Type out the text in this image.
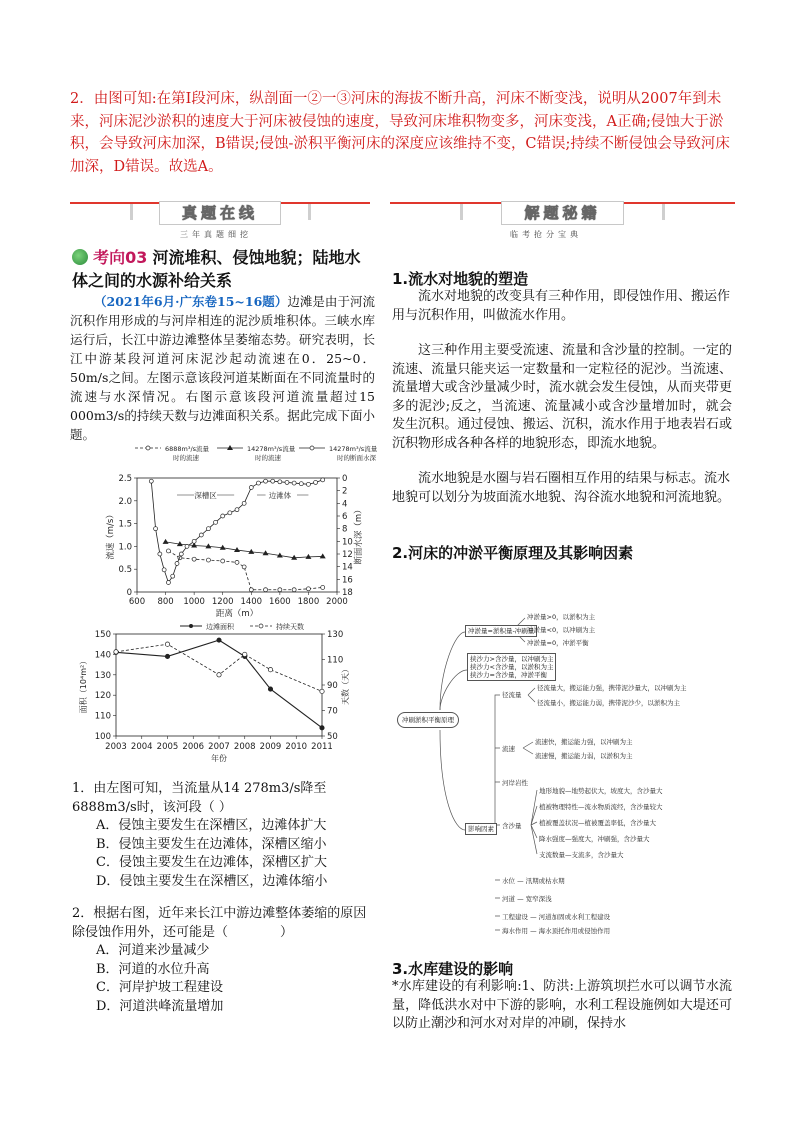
2．由图可知:在第Ⅰ段河床，纵剖面一②一③河床的海拔不断升高，河床不断变浅，说明从2007年到未来，河床泥沙淤积的速度大于河床被侵蚀的速度，导致河床堆积物变多，河床变浅，A正确;侵蚀大于淤积，会导致河床加深，B错误;侵蚀-淤积平衡河床的深度应该维持不变，C错误;持续不断侵蚀会导致河床加深，D错误。故选A。
真题在线	解题秘籍
三年真题细挖	临考抢分宝典
考向03 河流堆积、侵蚀地貌；陆地水体之间的水源补给关系
（2021年6月·广东卷15~16题）边滩是由于河流沉积作用形成的与河岸相连的泥沙质堆积体。三峡水库运行后，长江中游边滩整体呈萎缩态势。研究表明，长江中游某段河道河床泥沙起动流速在0．25~0．50m/s之间。左图示意该段河道某断面在不同流量时的流速与水深情况。右图示意该段河道流量超过15 000m3/s的持续天数与边滩面积关系。据此完成下面小题。
600 800 1000 1200 1400 1600 1800 2000
0
0.5
1.0
1.5
2.0
2.5	0
2
4
6
8
10
12
14
16
18
距离（m）
流速（m/s）	断面水深（m）
6888m³/s流量
时的流速
14278m³/s流量
时的流速
14278m³/s流量
时的断面水深
深槽区	边滩体
2003 2004 2005 2006 2007 2008 2009 2010 2011
100
110
120
130
140
150
50
70
90
110
130
年份
面积（10⁴m²）	天数（天）
边滩面积	持续天数
1．由左图可知，当流量从14 278m3/s降至6888m3/s时，该河段（ ）
A．侵蚀主要发生在深槽区，边滩体扩大
B．侵蚀主要发生在边滩体，深槽区缩小
C．侵蚀主要发生在边滩体，深槽区扩大
D．侵蚀主要发生在深槽区，边滩体缩小
2．根据右图，近年来长江中游边滩整体萎缩的原因除侵蚀作用外，还可能是（　　　　）
A．河道来沙量减少
B．河道的水位升高
C．河岸护坡工程建设
D．河道洪峰流量增加
1.流水对地貌的塑造
流水对地貌的改变具有三种作用，即侵蚀作用、搬运作用与沉积作用，叫做流水作用。
这三种作用主要受流速、流量和含沙量的控制。一定的流速、流量只能夹运一定数量和一定粒径的泥沙。当流速、流量增大或含沙量减少时，流水就会发生侵蚀，从而夹带更多的泥沙;反之，当流速、流量减小或含沙量增加时，就会发生沉积。通过侵蚀、搬运、沉积，流水作用于地表岩石或沉积物形成各种各样的地貌形态，即流水地貌。
流水地貌是水圈与岩石圈相互作用的结果与标志。流水地貌可以划分为坡面流水地貌、沟谷流水地貌和河流地貌。
2.河床的冲淤平衡原理及其影响因素
冲刷淤积平衡原理
冲淤量=淤积量-冲刷量
冲淤量>0，以淤积为主
冲淤量<0，以冲刷为主
冲淤量=0，冲淤平衡
挟沙力>含沙量，以冲刷为主
挟沙力<含沙量，以淤积为主
挟沙力=含沙量，冲淤平衡
影响因素
径流量
径流量大，搬运能力强，携带泥沙量大，以冲刷为主
径流量小，搬运能力弱，携带泥沙少，以淤积为主
流速
流速快，搬运能力强，以冲刷为主
流速慢，搬运能力弱，以淤积为主
河岸岩性
含沙量
地形地貌—地势起伏大，坡度大，含沙量大
植被物理特性—流水物质流经，含沙量较大
植被覆盖状况—植被覆盖率低，含沙量大
降水强度—强度大，冲刷强，含沙量大
支流数量—支流多，含沙量大
水位 — 汛期或枯水期
河道 — 宽窄深浅
工程建设 — 河道加固或水利工程建设
海水作用 — 海水顶托作用或侵蚀作用
3.水库建设的影响
*水库建设的有利影响:1、防洪:上游筑坝拦水可以调节水流量，降低洪水对中下游的影响，水利工程设施例如大堤还可以防止潮沙和河水对对岸的冲刷，保持水
